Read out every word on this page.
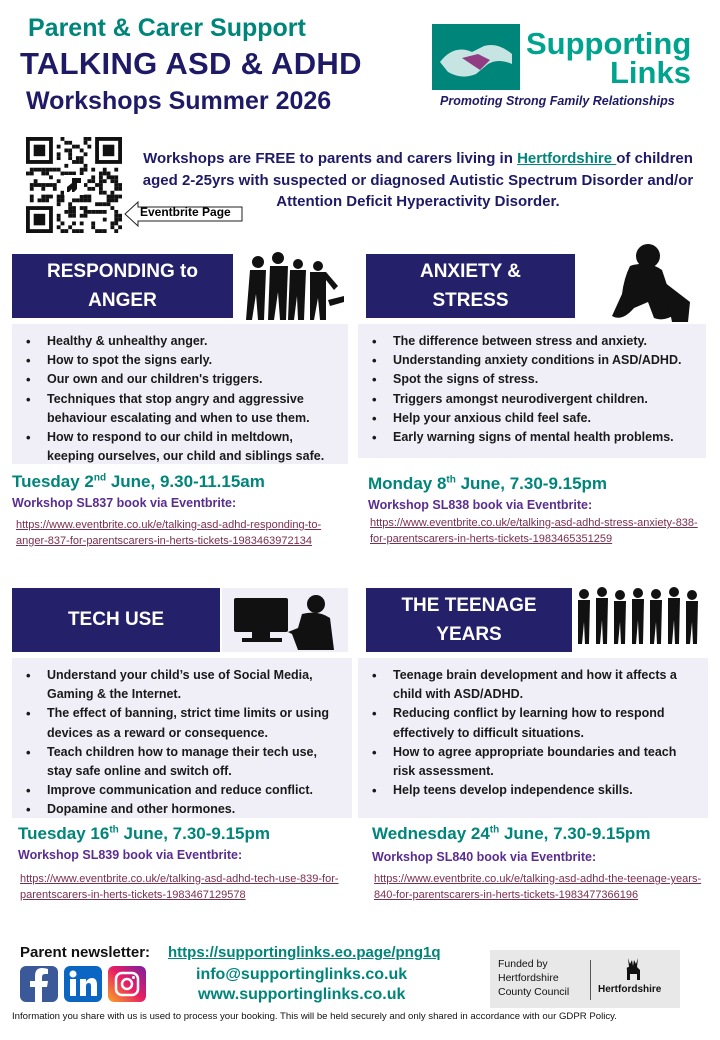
Parent & Carer Support
TALKING ASD & ADHD
Workshops Summer 2026
Supporting
Links
Promoting Strong Family Relationships
Eventbrite Page
Workshops are FREE to parents and carers living in Hertfordshire of children aged 2-25yrs with suspected or diagnosed Autistic Spectrum Disorder and/or Attention Deficit Hyperactivity Disorder.
RESPONDING to
ANGER
• Healthy & unhealthy anger.
• How to spot the signs early.
• Our own and our children's triggers.
• Techniques that stop angry and aggressive behaviour escalating and when to use them.
• How to respond to our child in meltdown, keeping ourselves, our child and siblings safe.
Tuesday 2nd June, 9.30-11.15am
Workshop SL837 book via Eventbrite:
https://www.eventbrite.co.uk/e/talking-asd-adhd-responding-to-anger-837-for-parentscarers-in-herts-tickets-1983463972134
ANXIETY &
STRESS
• The difference between stress and anxiety.
• Understanding anxiety conditions in ASD/ADHD.
• Spot the signs of stress.
• Triggers amongst neurodivergent children.
• Help your anxious child feel safe.
• Early warning signs of mental health problems.
Monday 8th June, 7.30-9.15pm
Workshop SL838 book via Eventbrite:
https://www.eventbrite.co.uk/e/talking-asd-adhd-stress-anxiety-838-for-parentscarers-in-herts-tickets-1983465351259
TECH USE
• Understand your child’s use of Social Media, Gaming & the Internet.
• The effect of banning, strict time limits or using devices as a reward or consequence.
• Teach children how to manage their tech use, stay safe online and switch off.
• Improve communication and reduce conflict.
• Dopamine and other hormones.
Tuesday 16th June, 7.30-9.15pm
Workshop SL839 book via Eventbrite:
https://www.eventbrite.co.uk/e/talking-asd-adhd-tech-use-839-for-parentscarers-in-herts-tickets-1983467129578
THE TEENAGE
YEARS
• Teenage brain development and how it affects a child with ASD/ADHD.
• Reducing conflict by learning how to respond effectively to difficult situations.
• How to agree appropriate boundaries and teach risk assessment.
• Help teens develop independence skills.
Wednesday 24th June, 7.30-9.15pm
Workshop SL840 book via Eventbrite:
https://www.eventbrite.co.uk/e/talking-asd-adhd-the-teenage-years-840-for-parentscarers-in-herts-tickets-1983477366196
Parent newsletter: https://supportinglinks.eo.page/png1q
info@supportinglinks.co.uk
www.supportinglinks.co.uk
Funded by Hertfordshire County Council	Hertfordshire
Information you share with us is used to process your booking. This will be held securely and only shared in accordance with our GDPR Policy.
